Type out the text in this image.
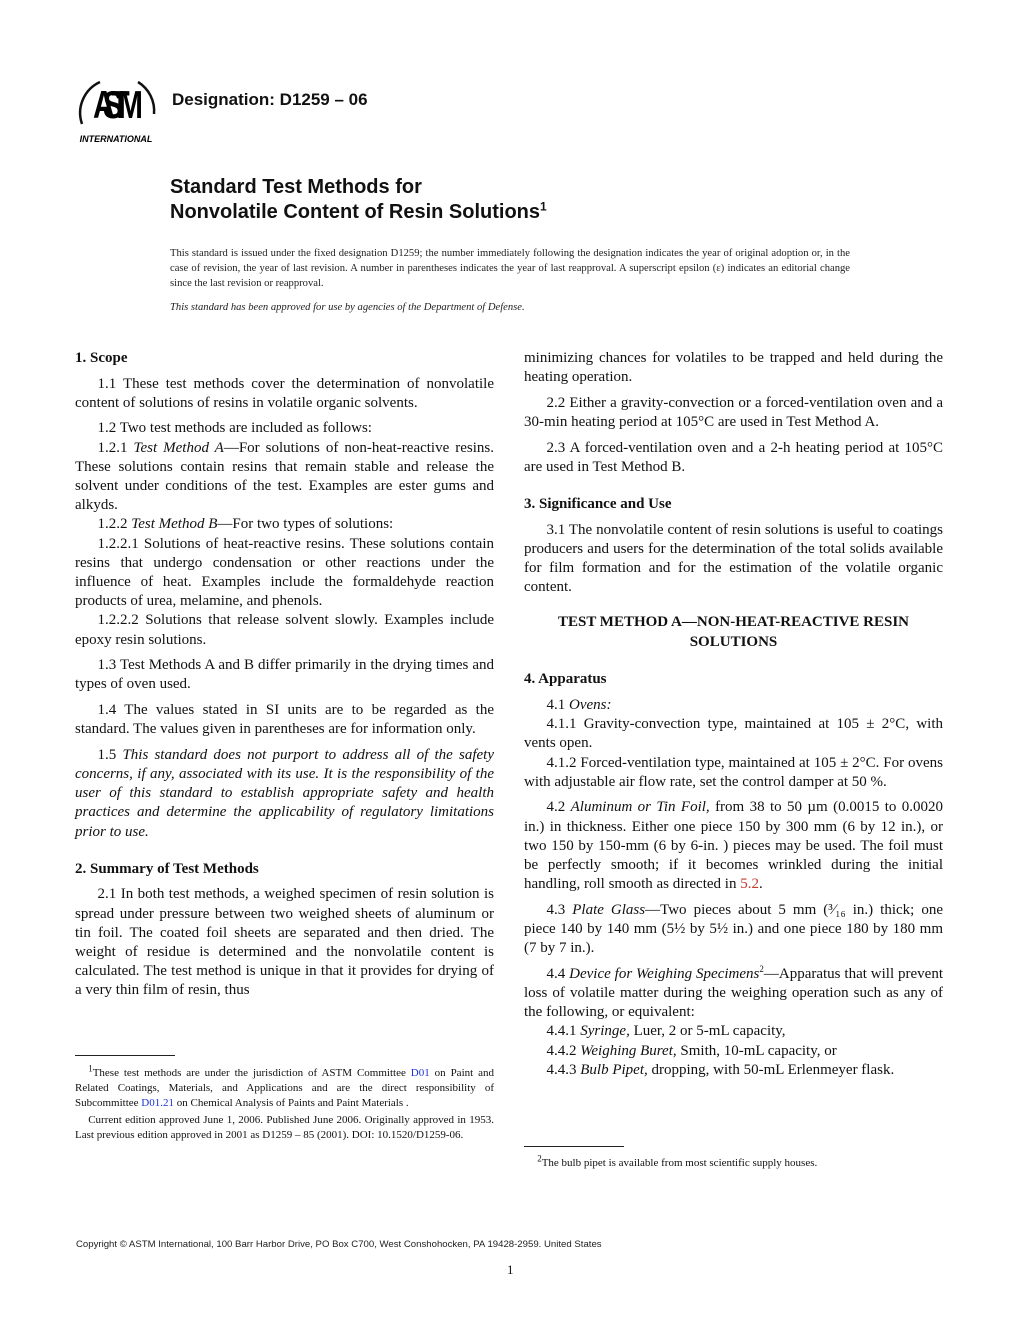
ASTM
INTERNATIONAL
Designation: D1259 – 06
Standard Test Methods for
Nonvolatile Content of Resin Solutions$^1$
This standard is issued under the fixed designation D1259; the number immediately following the designation indicates the year of original adoption or, in the case of revision, the year of last revision. A number in parentheses indicates the year of last reapproval. A superscript epsilon (ε) indicates an editorial change since the last revision or reapproval.
This standard has been approved for use by agencies of the Department of Defense.
1. Scope

1.1 These test methods cover the determination of nonvolatile content of solutions of resins in volatile organic solvents.

1.2 Two test methods are included as follows:

1.2.1 Test Method A—For solutions of non-heat-reactive resins. These solutions contain resins that remain stable and release the solvent under conditions of the test. Examples are ester gums and alkyds.

1.2.2 Test Method B—For two types of solutions:

1.2.2.1 Solutions of heat-reactive resins. These solutions contain resins that undergo condensation or other reactions under the influence of heat. Examples include the formaldehyde reaction products of urea, melamine, and phenols.

1.2.2.2 Solutions that release solvent slowly. Examples include epoxy resin solutions.

1.3 Test Methods A and B differ primarily in the drying times and types of oven used.

1.4 The values stated in SI units are to be regarded as the standard. The values given in parentheses are for information only.

1.5 This standard does not purport to address all of the safety concerns, if any, associated with its use. It is the responsibility of the user of this standard to establish appropriate safety and health practices and determine the applicability of regulatory limitations prior to use.

2. Summary of Test Methods

2.1 In both test methods, a weighed specimen of resin solution is spread under pressure between two weighed sheets of aluminum or tin foil. The coated foil sheets are separated and then dried. The weight of residue is determined and the nonvolatile content is calculated. The test method is unique in that it provides for drying of a very thin film of resin, thus

minimizing chances for volatiles to be trapped and held during the heating operation.

2.2 Either a gravity-convection or a forced-ventilation oven and a 30-min heating period at 105°C are used in Test Method A.

2.3 A forced-ventilation oven and a 2-h heating period at 105°C are used in Test Method B.

3. Significance and Use

3.1 The nonvolatile content of resin solutions is useful to coatings producers and users for the determination of the total solids available for film formation and for the estimation of the volatile organic content.

TEST METHOD A—NON-HEAT-REACTIVE RESIN SOLUTIONS
4. Apparatus

4.1 Ovens:

4.1.1 Gravity-convection type, maintained at 105 ± 2°C, with vents open.

4.1.2 Forced-ventilation type, maintained at 105 ± 2°C. For ovens with adjustable air flow rate, set the control damper at 50 %.

4.2 Aluminum or Tin Foil, from 38 to 50 µm (0.0015 to 0.0020 in.) in thickness. Either one piece 150 by 300 mm (6 by 12 in.), or two 150 by 150-mm (6 by 6-in. ) pieces may be used. The foil must be perfectly smooth; if it becomes wrinkled during the initial handling, roll smooth as directed in 5.2.

4.3 Plate Glass—Two pieces about 5 mm (³⁄₁₆ in.) thick; one piece 140 by 140 mm (5½ by 5½ in.) and one piece 180 by 180 mm (7 by 7 in.).

4.4 Device for Weighing Specimens$^2$—Apparatus that will prevent loss of volatile matter during the weighing operation such as any of the following, or equivalent:

4.4.1 Syringe, Luer, 2 or 5-mL capacity,

4.4.2 Weighing Buret, Smith, 10-mL capacity, or

4.4.3 Bulb Pipet, dropping, with 50-mL Erlenmeyer flask.

$^1$These test methods are under the jurisdiction of ASTM Committee D01 on Paint and Related Coatings, Materials, and Applications and are the direct responsibility of Subcommittee D01.21 on Chemical Analysis of Paints and Paint Materials .

Current edition approved June 1, 2006. Published June 2006. Originally approved in 1953. Last previous edition approved in 2001 as D1259 – 85 (2001). DOI: 10.1520/D1259-06.

$^2$The bulb pipet is available from most scientific supply houses.

Copyright © ASTM International, 100 Barr Harbor Drive, PO Box C700, West Conshohocken, PA 19428-2959. United States
1
